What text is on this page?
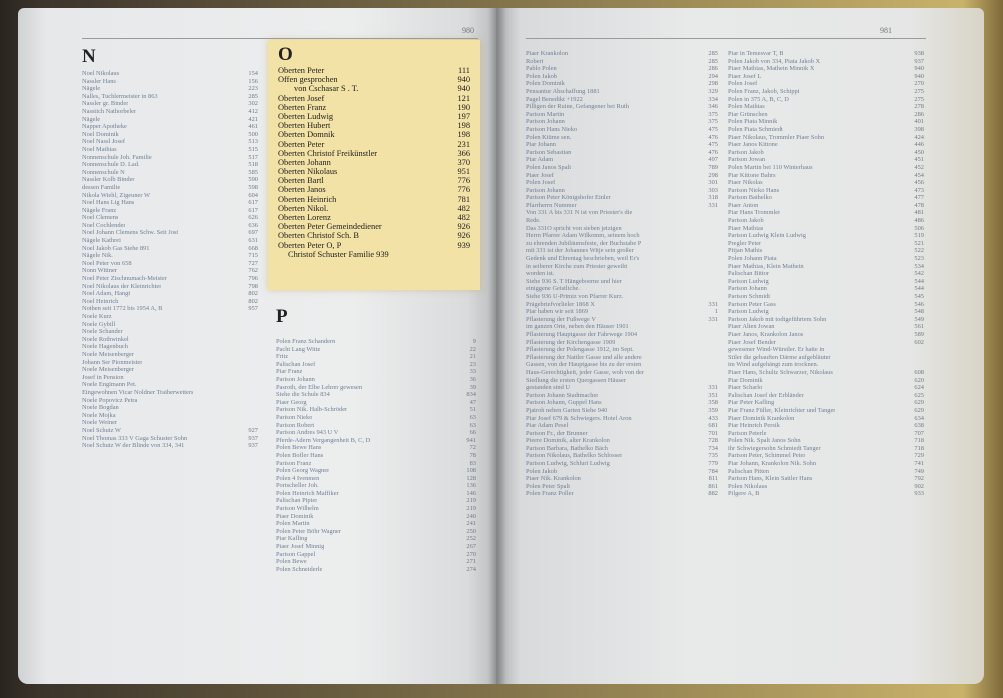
980
N
Noel Nikolaus	154
Nassler Hans	156
Nägele	223
Nalles, Tuchlermeister in 863	285
Nassler gr. Binder	302
Nasstich Nathorbeler	412
Nägele	421
Napper Apotheke	461
Noel Dominik	500
Noel Nassl Josef	513
Noel Mathias	515
Nonnenschule Joh. Familie	517
Nonnenschule D. Lad.	518
Nonnenschule N	585
Nassler Kolb Binder	590
dessen Familie	598
Nikola Wiehl, Zigeuner W	604
Noel Hans Lig Hans	617
Nägele Franz	617
Noel Clemens	626
Noel Cochlender	636
Noel Johann Clemens Schw. Seit Jost	697
Nägele Kathrei	631
Noel Jakob Gas Siehe 891	668
Nägele Nik.	715
Noel Peter von 658	727
Nonn Wittner	762
Noel Peter Zischnumach-Meister	796
Noel Nikolaus der Kleinrichter	798
Noel Adam, Hangt	802
Noel Heinrich	802
Nothen seit 1772 bis 1954 A, B	957
Noele Kurz
Noele Gybill
Noele Schander
Noele Rothwinkel
Noele Hagenbuch
Noele Meisenberger
Johann Ser Pionmeister
Noele Meisenberger
Josef in Pension
Noele Engimann Pet.
Eingewohnen Vicar Noldner Traiherwetters
Noele Popovicz Petra
Noele Bogdan
Noele Mojka
Noele Weiner
Noel Schutz W	927
Noel Thomas 333 V Gaga Schuster Sohn	937
Noel Schutz W der Blinde von 334, 341	937
O
Oberten Peter	111
Offen gesprochen	940
von Cschasar S . T.	940
Oberten Josef	121
Oberten Franz	190
Oberten Ludwig	197
Oberten Hubert	198
Oberten Domnik	198
Oberten Peter	231
Oberten Christof Freikünstler	366
Oberten Johann	370
Oberten Nikolaus	951
Oberten Bartl	776
Oberten Janos	776
Oberten Heinrich	781
Oberten Nikol.	482
Oberten Lorenz	482
Oberten Peter Gemeindediener	926
Oberten Christof Sch. B	926
Oberten Peter O, P	939
Christof Schuster Familie 939
P
Polen Franz Schandern	9
Pacht Lang Witte	22
Fritz	21
Palischan Josef	23
Piar Franz	33
Parison Johann	36
Pasroth, der Elbe Lehrer gewesen	39
Siehe die Schule 834	834
Piaer Georg	47
Parison Nik. Halb-Schröder	51
Parison Nieko	63
Parison Robert	63
Parison Andres 943 U V	66
Pferde-Adern Vergangenheit B, C, D	941
Polen Bewe Hans	72
Polen Bofler Hans	78
Parison Franz	83
Polen Georg Wagner	108
Polen 4 Ivenmen	128
Portscheller Joh.	136
Polen Heinrich Maffiker	146
Palischan Pipier	219
Parison Wilhelm	219
Piaer Dominik	240
Polen Martin	241
Polen Peter Böhr Wagner	250
Piar Kafling	252
Piaer Josef Minnig	267
Parison Gappel	270
Polen Bewe	271
Polen Schneiderle	274
981
Piaer Krankolon	285
Robert	285
Pablo Polen	286
Polen Jakob	294
Polen Dominik	298
Pensantur Abschaffung 1881	329
Pagel Benedikt +1922	334
Pilligen der Ruine, Gefangener bei Ruth	346
Parison Martin	375
Parison Johann	375
Parison Hans Nieko	475
Polen Kiüme sen.	476
Piar Johann	475
Parison Sebastian	476
Piar Adam	497
Polen Janos Spalt	789
Piaer Josef	298
Polen Josef	301
Parison Johann	303
Parison Peter Königshofer Einler	318
Pfarrherrn Nummer	331
Von 331 A bis 331 N ist von Priester's die
Rede.
Das 331O spricht von sieben jetzigen
Herrn Pfarrer Adam Wilkomm, seinem hoch
zu ehrenden Jubiläumsfeste, der Buchstabe P
mit 331 ist der Johannes Witje sein großer
Gedenk und Ehrentag beschrieben, weil Er's
in seiberer Kirche zum Priester geweiht
worden ist.
Siehe 936 S. T Hängeboerne und hier
einiggene Geistliche.
Siehe 936 U-Primiz von Pfarrer Kurz.
Prägebriefvorlieler 1868 X	331
Piar haben wir seit 1869	1
Pflasterung der Fußwege V	331
im ganzen Orte, neben den Häuser 1901
Pflasterung Hauptgasse der Fahrwege 1904
Pflasterung der Kirchengasse 1909
Pflasterung der Polengasse 1912, im Sept.
Pflasterung der Nattler Gasse und alle andere
Gassen, von der Hauptgasse bis zu der ersten
Haus-Gerechtigkeit, jeder Gasse, woh von der
Siedlung die ersten Quergassen Häuser
gestanden sind U	331
Parison Johann Stadtmacher	351
Parison Johann, Guppel Hans	358
Pjatroh neben Garten Siehe 940	359
Piar Josef 679 & Schwiegers. Hotel Aron	433
Piar Adam Pesel	681
Parison Fr., der Brunner	701
Pieere Dominik, alter Krankolon	728
Parison Barbara, Bathelko Bäch	734
Parison Nikolaus, Bathelko Schlosser	735
Parison Ludwig, Schluri Ludwig	779
Polen Jakob	784
Piaer Nik. Krankolon	811
Polen Peter Spalt	861
Polen Franz Poller	882
Piar in Temesvar T, B	938
Polen Jakob von 334, Piata Jakob X	937
Piaer Mathias, Mathein Minnik X	940
Piaer Josef L	940
Polen Josef	270
Polen Franz, Jakob, Schippi	275
Polen in 375 A, B, C, D	275
Polen Mathias	278
Piar Grünschen	286
Polen Piata Minnik	401
Polen Piata Schmiedt	398
Piaer Nikolaus, Trommler Piaer Sohn	424
Piaer Janos Kittone	446
Parison Jakob	450
Parison Jowan	451
Polen Martin bei 110 Winterhaus	452
Piar Kittone Bahrs	454
Piaer Nikolas	456
Parison Nieko Hans	473
Parison Bathelko	477
Piaer Anton	478
Piar Hans Trommler	481
Parison Jakob	486
Piaer Mathias	506
Parison Ludwig Klein Ludwig	519
Pregler Peter	521
Pitjan Mathis	522
Polen Johann Piata	523
Piaer Mathias, Klein Mathein	534
Palischan Bittor	542
Parison Ludwig	544
Parison Johann	544
Parison Schmidt	545
Parison Peter Gass	546
Parison Ludwig	548
Parison Jakob mit todtgeführtem Sohn	549
Piaer Alten Jowan	561
Piaer Janos, Krankolon Janos	589
Piaer Josef Bender	602
gewesener Wind-Würstler. Er hatte in
Stiler die gebauften Därme aufgebläuter
im Wind aufgehängt zum trocknen.
Piaer Hans, Schultz Schwarzer, Nikolaus	608
Piar Dominik	620
Piaer Scharlo	624
Palischan Josef der Erbländer	625
Piar Peter Kafling	629
Piar Franz Füller, Kleinrichter und Tanger	629
Piaer Dominik Krankolon	634
Piar Heinrich Persik	638
Parison Peterle	707
Polen Nik. Spalt Janos Sohn	718
ihr Schwiegersohn Schmiedt Tanger	718
Parison Peter, Schimmel Peter	729
Piar Johann, Krankolon Nik. Sohn	741
Palischan Pitten	749
Parison Hans, Klein Sattler Hans	792
Polen Nikolaus	902
Pilgere A, B	933
